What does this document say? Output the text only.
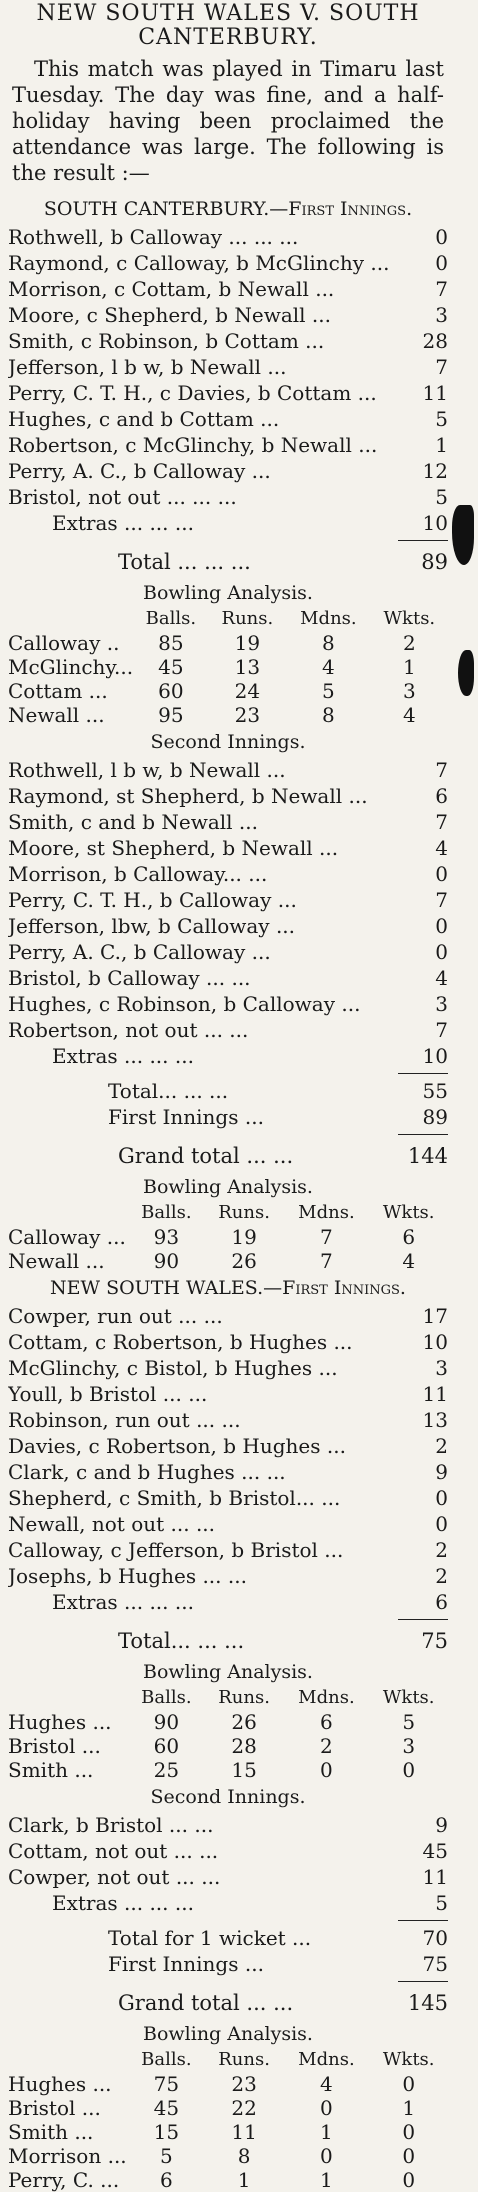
NEW SOUTH WALES V. SOUTH CANTERBURY.
This match was played in Timaru last Tuesday. The day was fine, and a half-holiday having been proclaimed the attendance was large. The following is the result :—
SOUTH CANTERBURY.—First Innings.
Rothwell, b Calloway ... ... ...	0
Raymond, c Calloway, b McGlinchy ...	0
Morrison, c Cottam, b Newall ...	7
Moore, c Shepherd, b Newall ...	3
Smith, c Robinson, b Cottam ...	28
Jefferson, l b w, b Newall ...	7
Perry, C. T. H., c Davies, b Cottam ...	11
Hughes, c and b Cottam ...	5
Robertson, c McGlinchy, b Newall ...	1
Perry, A. C., b Calloway ...	12
Bristol, not out ... ... ...	5
Extras ... ... ...	10
Total ... ... ...	89
Bowling Analysis.
	Balls.	Runs.	Mdns.	Wkts.
Calloway ..	85	19	8	2
McGlinchy...	45	13	4	1
Cottam ...	60	24	5	3
Newall ...	95	23	8	4
Second Innings.
Rothwell, l b w, b Newall ...	7
Raymond, st Shepherd, b Newall ...	6
Smith, c and b Newall ...	7
Moore, st Shepherd, b Newall ...	4
Morrison, b Calloway... ...	0
Perry, C. T. H., b Calloway ...	7
Jefferson, lbw, b Calloway ...	0
Perry, A. C., b Calloway ...	0
Bristol, b Calloway ... ...	4
Hughes, c Robinson, b Calloway ...	3
Robertson, not out ... ...	7
Extras ... ... ...	10
Total... ... ...	55
First Innings ...	89
Grand total ... ...	144
Bowling Analysis.
	Balls.	Runs.	Mdns.	Wkts.
Calloway ...	93	19	7	6
Newall ...	90	26	7	4
NEW SOUTH WALES.—First Innings.
Cowper, run out ... ...	17
Cottam, c Robertson, b Hughes ...	10
McGlinchy, c Bistol, b Hughes ...	3
Youll, b Bristol ... ...	11
Robinson, run out ... ...	13
Davies, c Robertson, b Hughes ...	2
Clark, c and b Hughes ... ...	9
Shepherd, c Smith, b Bristol... ...	0
Newall, not out ... ...	0
Calloway, c Jefferson, b Bristol ...	2
Josephs, b Hughes ... ...	2
Extras ... ... ...	6
Total... ... ...	75
Bowling Analysis.
	Balls.	Runs.	Mdns.	Wkts.
Hughes ...	90	26	6	5
Bristol ...	60	28	2	3
Smith ...	25	15	0	0
Second Innings.
Clark, b Bristol ... ...	9
Cottam, not out ... ...	45
Cowper, not out ... ...	11
Extras ... ... ...	5
Total for 1 wicket ...	70
First Innings ...	75
Grand total ... ...	145
Bowling Analysis.
	Balls.	Runs.	Mdns.	Wkts.
Hughes ...	75	23	4	0
Bristol ...	45	22	0	1
Smith ...	15	11	1	0
Morrison ...	5	8	0	0
Perry, C. ...	6	1	1	0
